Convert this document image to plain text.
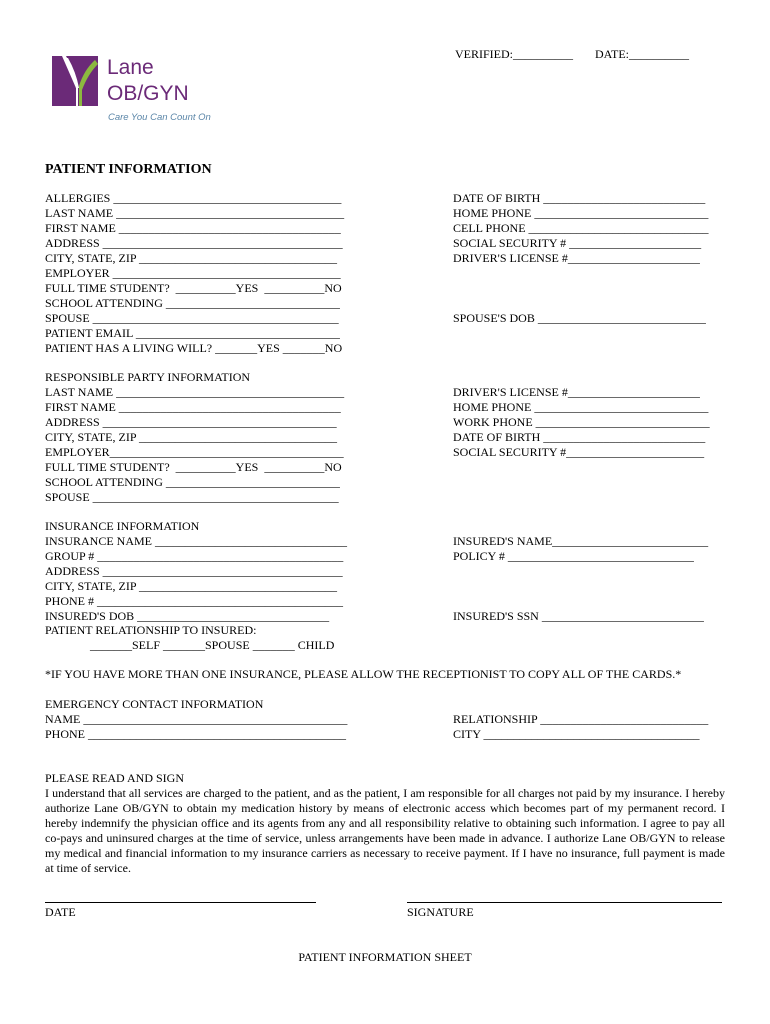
VERIFIED:__________ DATE:__________
Lane
OB/GYN
Care You Can Count On
PATIENT INFORMATION
ALLERGIES ______________________________________
LAST NAME ______________________________________
FIRST NAME _____________________________________
ADDRESS ________________________________________
CITY, STATE, ZIP _________________________________
EMPLOYER ______________________________________
FULL TIME STUDENT?  __________YES  __________NO
SCHOOL ATTENDING _____________________________
SPOUSE _________________________________________
PATIENT EMAIL __________________________________
PATIENT HAS A LIVING WILL? _______YES _______NO
DATE OF BIRTH ___________________________
HOME PHONE _____________________________
CELL PHONE ______________________________
SOCIAL SECURITY # ______________________
DRIVER'S LICENSE #______________________
SPOUSE'S DOB ____________________________
RESPONSIBLE PARTY INFORMATION
LAST NAME ______________________________________
FIRST NAME _____________________________________
ADDRESS _______________________________________
CITY, STATE, ZIP _________________________________
EMPLOYER_______________________________________
FULL TIME STUDENT?  __________YES  __________NO
SCHOOL ATTENDING _____________________________
SPOUSE _________________________________________
DRIVER'S LICENSE #______________________
HOME PHONE _____________________________
WORK PHONE _____________________________
DATE OF BIRTH ___________________________
SOCIAL SECURITY #_______________________
INSURANCE INFORMATION
INSURANCE NAME ________________________________
GROUP # _________________________________________
ADDRESS ________________________________________
CITY, STATE, ZIP _________________________________
PHONE # _________________________________________
INSURED'S DOB ________________________________
PATIENT RELATIONSHIP TO INSURED:
_______SELF _______SPOUSE _______ CHILD
INSURED'S NAME__________________________
POLICY # _______________________________
INSURED'S SSN ___________________________
*IF YOU HAVE MORE THAN ONE INSURANCE, PLEASE ALLOW THE RECEPTIONIST TO COPY ALL OF THE CARDS.*
EMERGENCY CONTACT INFORMATION
NAME ____________________________________________
PHONE ___________________________________________
RELATIONSHIP ____________________________
CITY ____________________________________
PLEASE READ AND SIGN
I understand that all services are charged to the patient, and as the patient, I am responsible for all charges not paid by my insurance. I hereby authorize Lane OB/GYN to obtain my medication history by means of electronic access which becomes part of my permanent record. I hereby indemnify the physician office and its agents from any and all responsibility relative to obtaining such information. I agree to pay all co-pays and uninsured charges at the time of service, unless arrangements have been made in advance. I authorize Lane OB/GYN to release my medical and financial information to my insurance carriers as necessary to receive payment. If I have no insurance, full payment is made at time of service.
DATE	SIGNATURE
PATIENT INFORMATION SHEET
